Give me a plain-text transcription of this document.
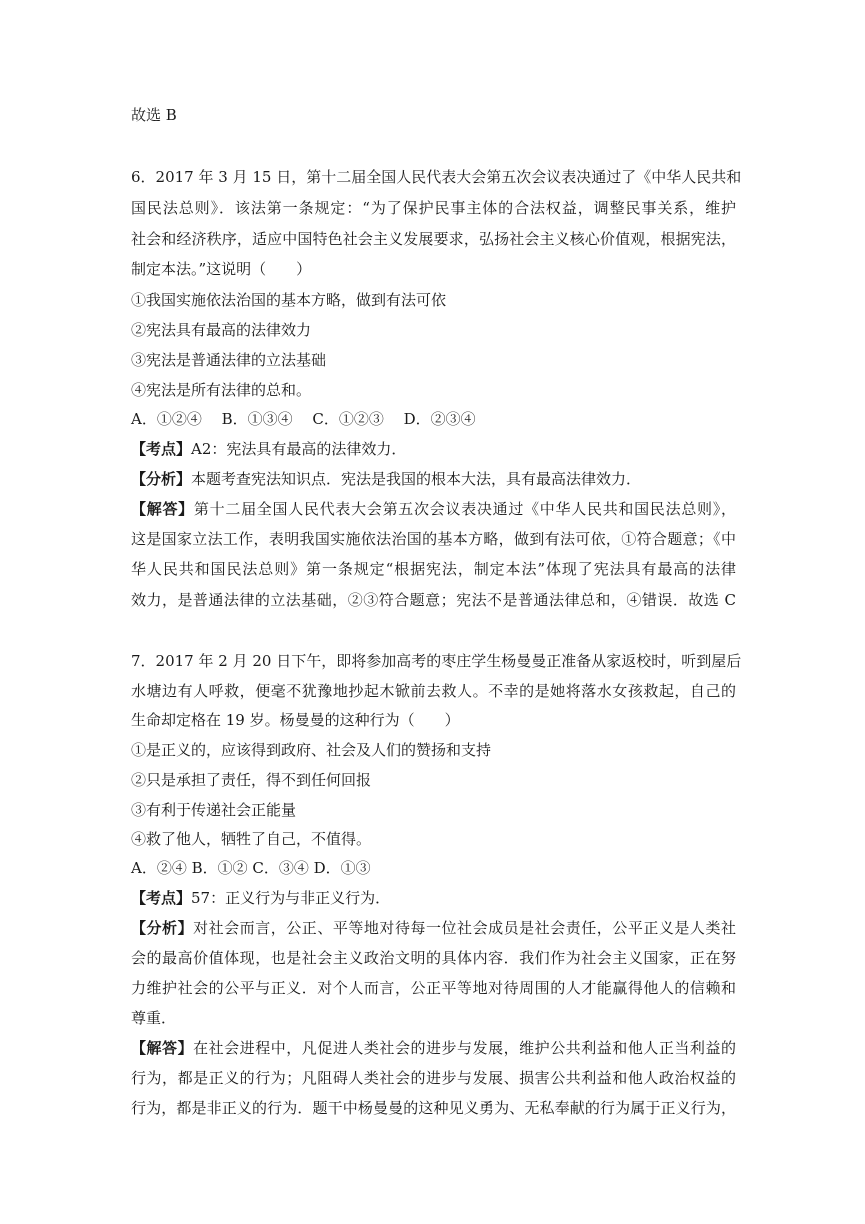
故选 B
6．2017 年 3 月 15 日，第十二届全国人民代表大会第五次会议表决通过了《中华人民共和
国民法总则》．该法第一条规定：“为了保护民事主体的合法权益，调整民事关系，维护
社会和经济秩序，适应中国特色社会主义发展要求，弘扬社会主义核心价值观，根据宪法，
制定本法。”这说明（　　）
①我国实施依法治国的基本方略，做到有法可依
②宪法具有最高的法律效力
③宪法是普通法律的立法基础
④宪法是所有法律的总和。
A．①②④　 B．①③④　 C．①②③　 D．②③④
【考点】A2：宪法具有最高的法律效力．
【分析】本题考查宪法知识点．宪法是我国的根本大法，具有最高法律效力．
【解答】第十二届全国人民代表大会第五次会议表决通过《中华人民共和国民法总则》，
这是国家立法工作，表明我国实施依法治国的基本方略，做到有法可依，①符合题意；《中
华人民共和国民法总则》第一条规定“根据宪法，制定本法”体现了宪法具有最高的法律
效力，是普通法律的立法基础，②③符合题意；宪法不是普通法律总和，④错误．故选 C
7．2017 年 2 月 20 日下午，即将参加高考的枣庄学生杨曼曼正准备从家返校时，听到屋后
水塘边有人呼救，便毫不犹豫地抄起木锨前去救人。不幸的是她将落水女孩救起，自己的
生命却定格在 19 岁。杨曼曼的这种行为（　　）
①是正义的，应该得到政府、社会及人们的赞扬和支持
②只是承担了责任，得不到任何回报
③有利于传递社会正能量
④救了他人，牺牲了自己，不值得。
A．②④ B．①② C．③④ D．①③
【考点】57：正义行为与非正义行为．
【分析】对社会而言，公正、平等地对待每一位社会成员是社会责任，公平正义是人类社
会的最高价值体现，也是社会主义政治文明的具体内容．我们作为社会主义国家，正在努
力维护社会的公平与正义．对个人而言，公正平等地对待周围的人才能赢得他人的信赖和
尊重．
【解答】在社会进程中，凡促进人类社会的进步与发展，维护公共利益和他人正当利益的
行为，都是正义的行为；凡阻碍人类社会的进步与发展、损害公共利益和他人政治权益的
行为，都是非正义的行为．题干中杨曼曼的这种见义勇为、无私奉献的行为属于正义行为，
